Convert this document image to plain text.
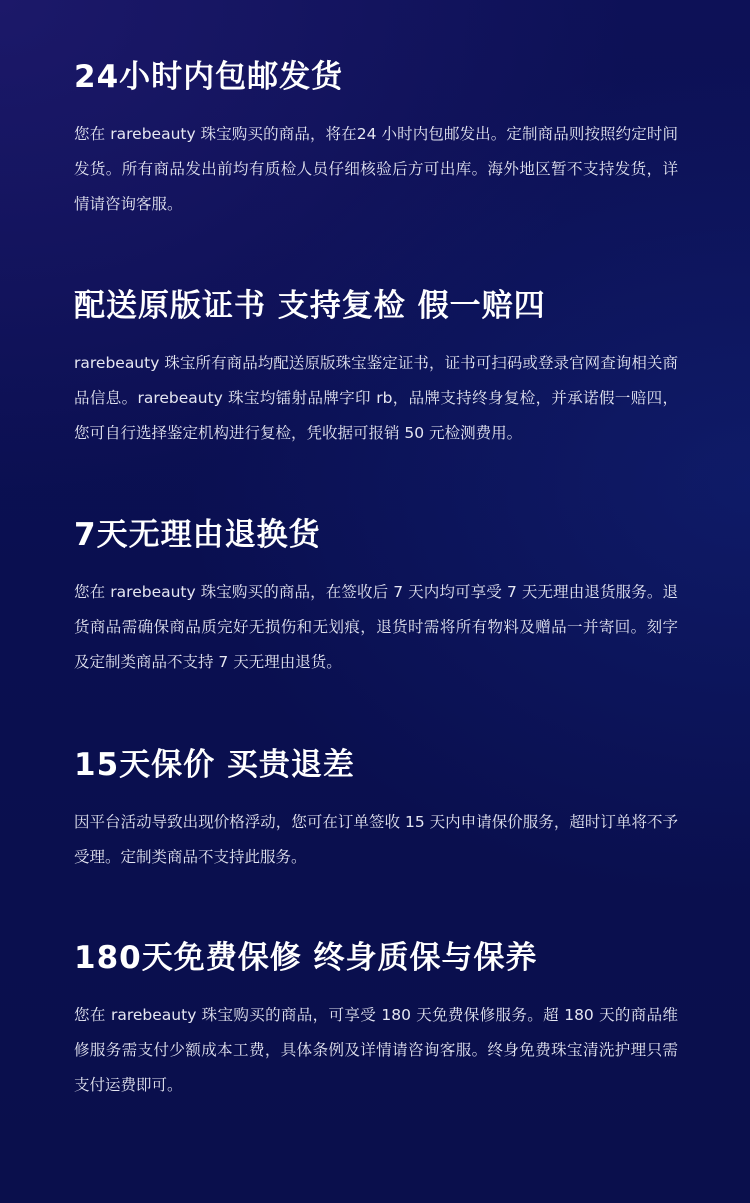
24小时内包邮发货

您在 rarebeauty 珠宝购买的商品，将在24 小时内包邮发出。定制商品则按照约定时间发货。所有商品发出前均有质检人员仔细核验后方可出库。海外地区暂不支持发货，详情请咨询客服。

配送原版证书 支持复检 假一赔四

rarebeauty 珠宝所有商品均配送原版珠宝鉴定证书，证书可扫码或登录官网查询相关商品信息。rarebeauty 珠宝均镭射品牌字印 rb，品牌支持终身复检，并承诺假一赔四，您可自行选择鉴定机构进行复检，凭收据可报销 50 元检测费用。

7天无理由退换货

您在 rarebeauty 珠宝购买的商品，在签收后 7 天内均可享受 7 天无理由退货服务。退货商品需确保商品质完好无损伤和无划痕，退货时需将所有物料及赠品一并寄回。刻字及定制类商品不支持 7 天无理由退货。

15天保价 买贵退差

因平台活动导致出现价格浮动，您可在订单签收 15 天内申请保价服务，超时订单将不予受理。定制类商品不支持此服务。

180天免费保修 终身质保与保养

您在 rarebeauty 珠宝购买的商品，可享受 180 天免费保修服务。超 180 天的商品维修服务需支付少额成本工费，具体条例及详情请咨询客服。终身免费珠宝清洗护理只需支付运费即可。
